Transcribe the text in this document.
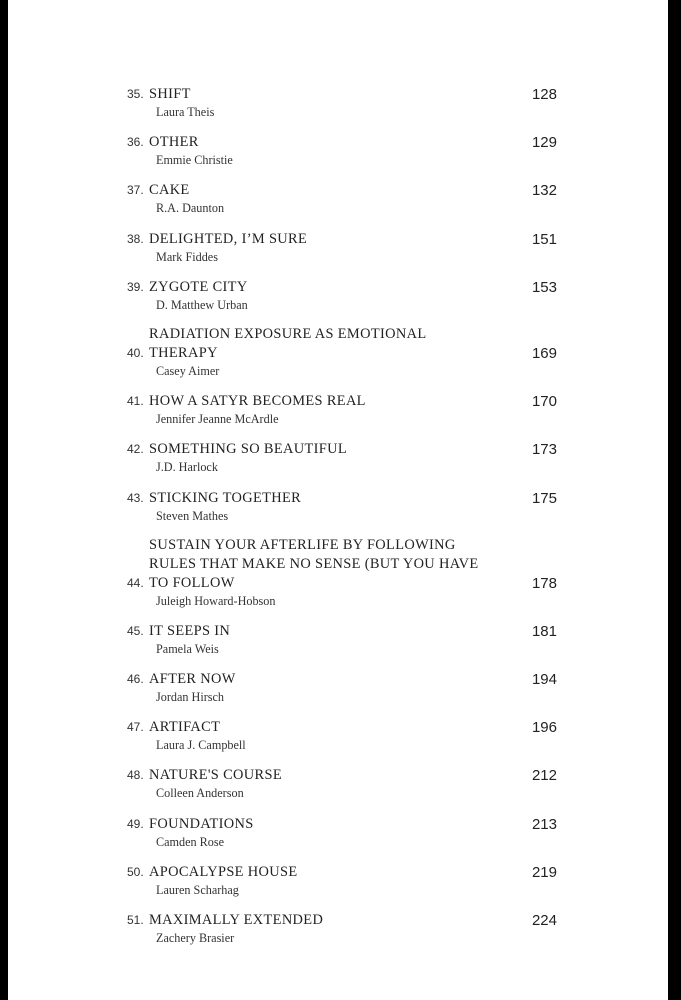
35. SHIFT	128
Laura Theis
36. OTHER	129
Emmie Christie
37. CAKE	132
R.A. Daunton
38. DELIGHTED, I’M SURE	151
Mark Fiddes
39. ZYGOTE CITY	153
D. Matthew Urban
40.
RADIATION EXPOSURE AS EMOTIONAL
THERAPY	169
Casey Aimer
41. HOW A SATYR BECOMES REAL	170
Jennifer Jeanne McArdle
42. SOMETHING SO BEAUTIFUL	173
J.D. Harlock
43. STICKING TOGETHER	175
Steven Mathes
44.
SUSTAIN YOUR AFTERLIFE BY FOLLOWING
RULES THAT MAKE NO SENSE (BUT YOU HAVE
TO FOLLOW	178
Juleigh Howard-Hobson
45. IT SEEPS IN	181
Pamela Weis
46. AFTER NOW	194
Jordan Hirsch
47. ARTIFACT	196
Laura J. Campbell
48. NATURE'S COURSE	212
Colleen Anderson
49. FOUNDATIONS	213
Camden Rose
50. APOCALYPSE HOUSE	219
Lauren Scharhag
51. MAXIMALLY EXTENDED	224
Zachery Brasier
